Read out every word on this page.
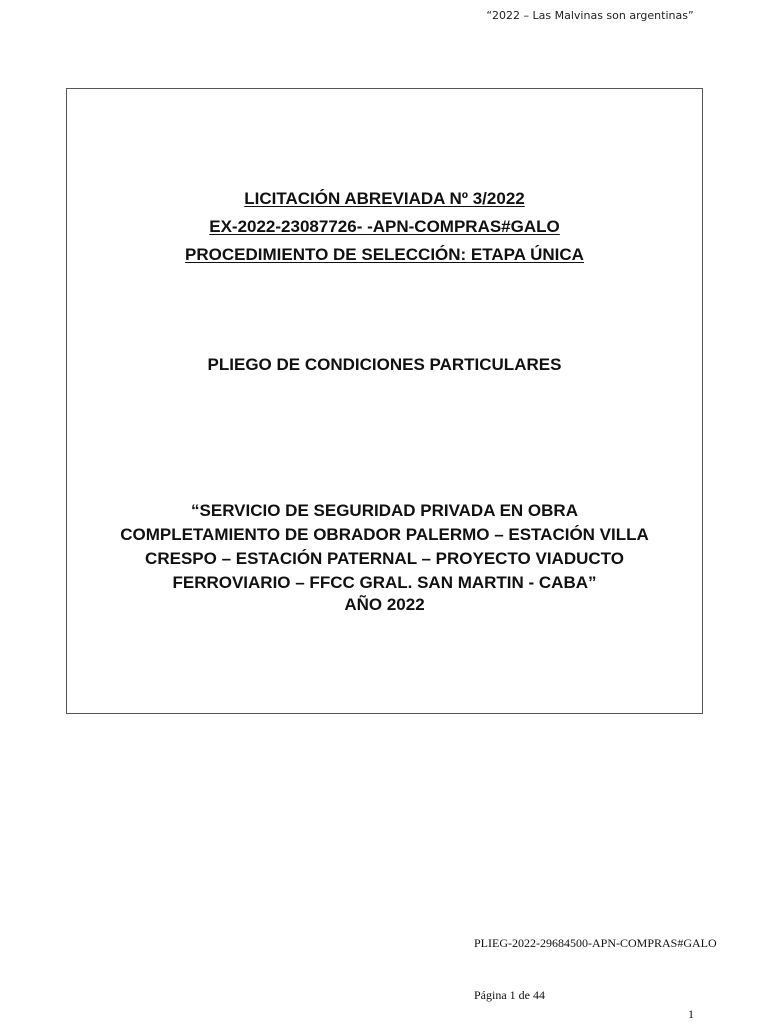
“2022 – Las Malvinas son argentinas”
LICITACIÓN ABREVIADA Nº 3/2022
EX-2022-23087726- -APN-COMPRAS#GALO
PROCEDIMIENTO DE SELECCIÓN: ETAPA ÚNICA
PLIEGO DE CONDICIONES PARTICULARES
“SERVICIO DE SEGURIDAD PRIVADA EN OBRA
COMPLETAMIENTO DE OBRADOR PALERMO – ESTACIÓN VILLA
CRESPO – ESTACIÓN PATERNAL – PROYECTO VIADUCTO
FERROVIARIO – FFCC GRAL. SAN MARTIN - CABA”
AÑO 2022
PLIEG-2022-29684500-APN-COMPRAS#GALO
Página 1 de 44
1
